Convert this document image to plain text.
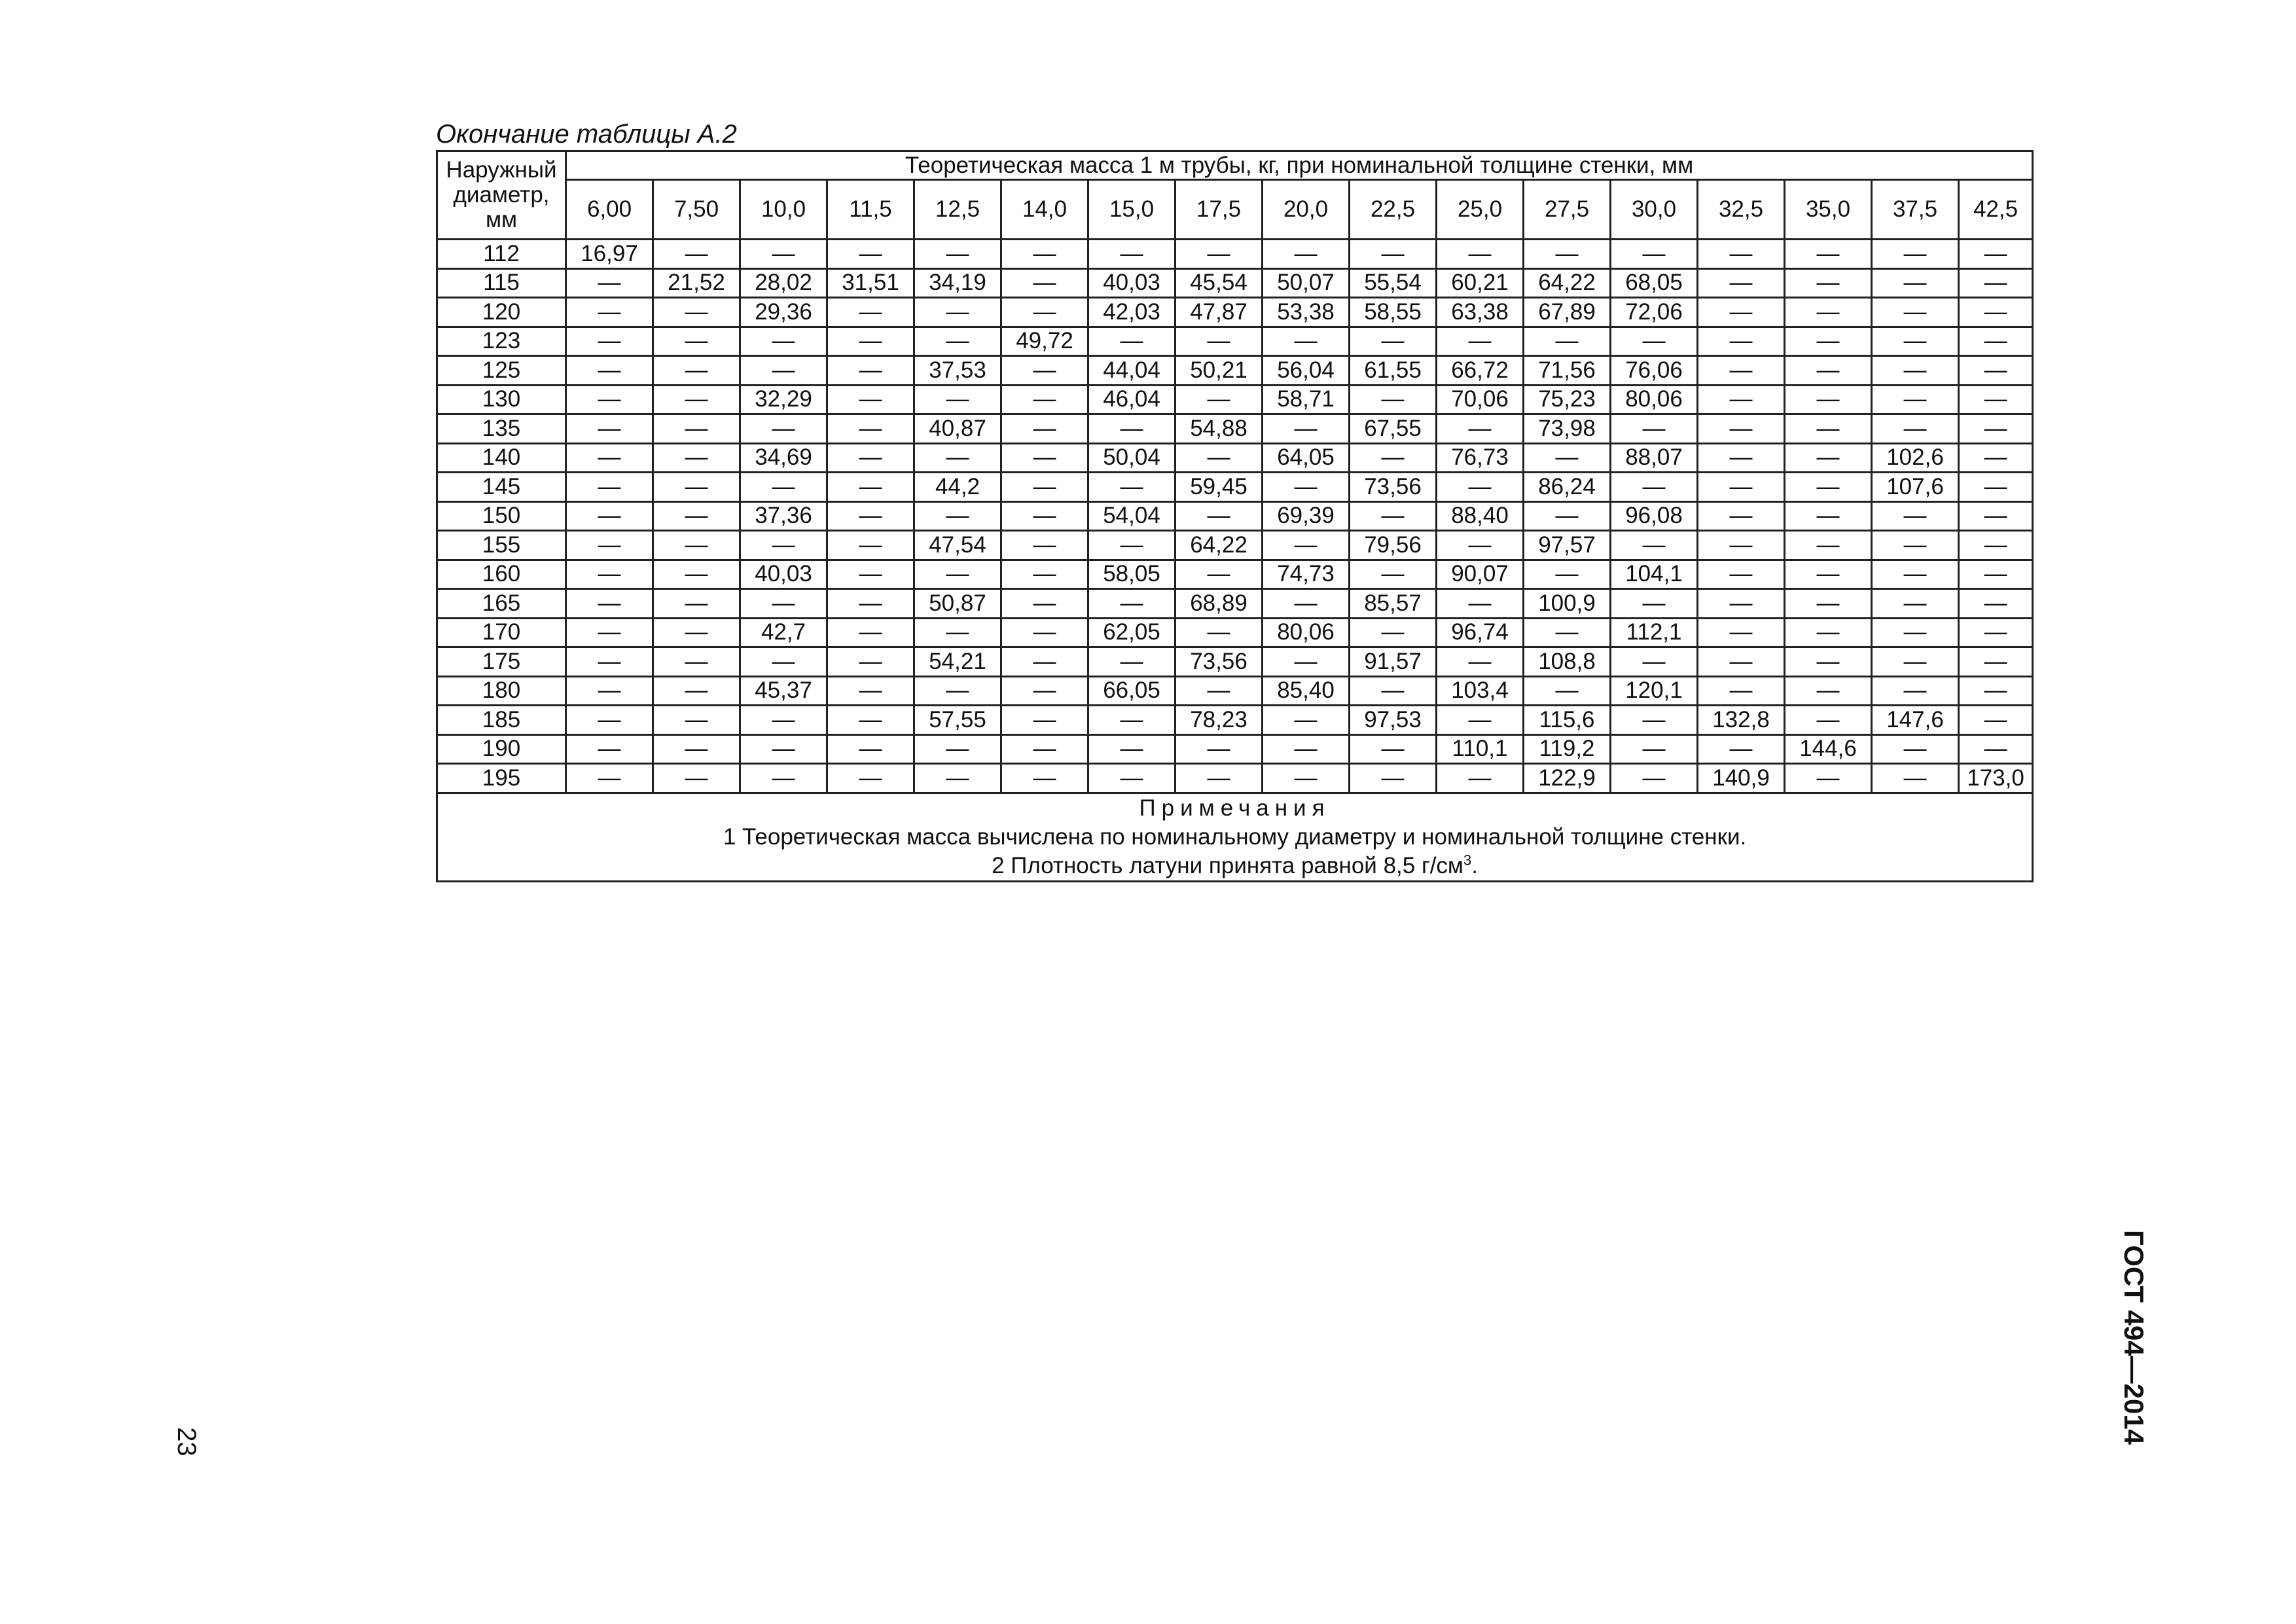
Окончание таблицы А.2
Наружный
диаметр,
мм	Теоретическая масса 1 м трубы, кг, при номинальной толщине стенки, мм																
	6,00	7,50	10,0	11,5	12,5	14,0	15,0	17,5	20,0	22,5	25,0	27,5	30,0	32,5	35,0	37,5	42,5
112	16,97	—	—	—	—	—	—	—	—	—	—	—	—	—	—	—	—
115	—	21,52	28,02	31,51	34,19	—	40,03	45,54	50,07	55,54	60,21	64,22	68,05	—	—	—	—
120	—	—	29,36	—	—	—	42,03	47,87	53,38	58,55	63,38	67,89	72,06	—	—	—	—
123	—	—	—	—	—	49,72	—	—	—	—	—	—	—	—	—	—	—
125	—	—	—	—	37,53	—	44,04	50,21	56,04	61,55	66,72	71,56	76,06	—	—	—	—
130	—	—	32,29	—	—	—	46,04	—	58,71	—	70,06	75,23	80,06	—	—	—	—
135	—	—	—	—	40,87	—	—	54,88	—	67,55	—	73,98	—	—	—	—	—
140	—	—	34,69	—	—	—	50,04	—	64,05	—	76,73	—	88,07	—	—	102,6	—
145	—	—	—	—	44,2	—	—	59,45	—	73,56	—	86,24	—	—	—	107,6	—
150	—	—	37,36	—	—	—	54,04	—	69,39	—	88,40	—	96,08	—	—	—	—
155	—	—	—	—	47,54	—	—	64,22	—	79,56	—	97,57	—	—	—	—	—
160	—	—	40,03	—	—	—	58,05	—	74,73	—	90,07	—	104,1	—	—	—	—
165	—	—	—	—	50,87	—	—	68,89	—	85,57	—	100,9	—	—	—	—	—
170	—	—	42,7	—	—	—	62,05	—	80,06	—	96,74	—	112,1	—	—	—	—
175	—	—	—	—	54,21	—	—	73,56	—	91,57	—	108,8	—	—	—	—	—
180	—	—	45,37	—	—	—	66,05	—	85,40	—	103,4	—	120,1	—	—	—	—
185	—	—	—	—	57,55	—	—	78,23	—	97,53	—	115,6	—	132,8	—	147,6	—
190	—	—	—	—	—	—	—	—	—	—	110,1	119,2	—	—	144,6	—	—
195	—	—	—	—	—	—	—	—	—	—	—	122,9	—	140,9	—	—	173,0

Примечания
1 Теоретическая масса вычислена по номинальному диаметру и номинальной толщине стенки.
2 Плотность латуни принята равной 8,5 $г/см^3$.																	
23	ГОСТ 494—2014
